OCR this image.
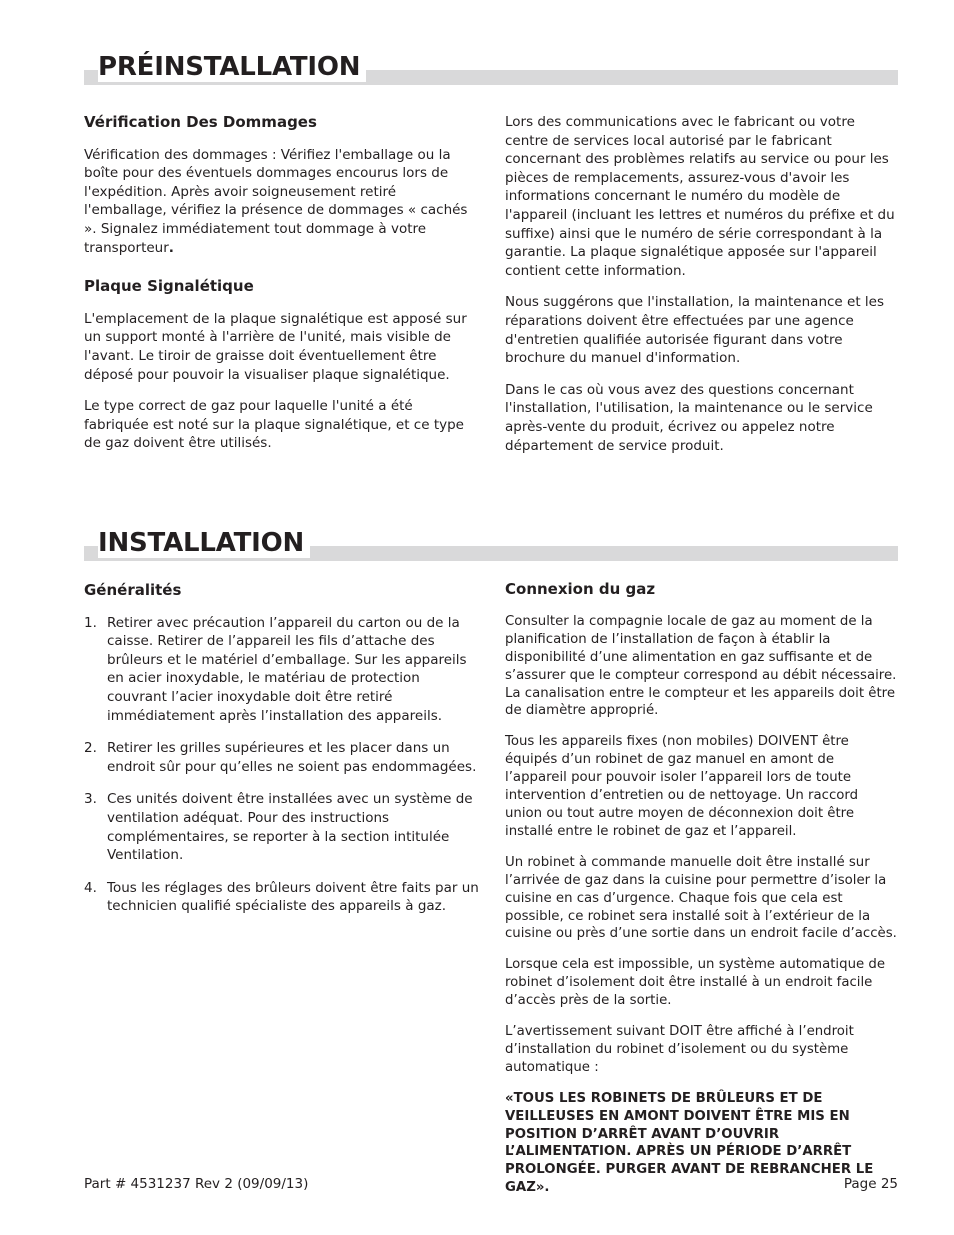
PRÉINSTALLATION
Vérification Des Dommages

Vérification des dommages : Vérifiez l'emballage ou la boîte pour des éventuels dommages encourus lors de l'expédition. Après avoir soigneusement retiré l'emballage, vérifiez la présence de dommages « cachés ». Signalez immédiatement tout dommage à votre transporteur.

Plaque Signalétique

L'emplacement de la plaque signalétique est apposé sur un support monté à l'arrière de l'unité, mais visible de l'avant. Le tiroir de graisse doit éventuellement être déposé pour pouvoir la visualiser plaque signalétique.

Le type correct de gaz pour laquelle l'unité a été fabriquée est noté sur la plaque signalétique, et ce type de gaz doivent être utilisés.

Lors des communications avec le fabricant ou votre centre de services local autorisé par le fabricant concernant des problèmes relatifs au service ou pour les pièces de remplacements, assurez-vous d'avoir les informations concernant le numéro du modèle de l'appareil (incluant les lettres et numéros du préfixe et du suffixe) ainsi que le numéro de série correspondant à la garantie. La plaque signalétique apposée sur l'appareil contient cette information.

Nous suggérons que l'installation, la maintenance et les réparations doivent être effectuées par une agence d'entretien qualifiée autorisée figurant dans votre brochure du manuel d'information.

Dans le cas où vous avez des questions concernant l'installation, l'utilisation, la maintenance ou le service après-vente du produit, écrivez ou appelez notre département de service produit.

INSTALLATION
Généralités
1. Retirer avec précaution l’appareil du carton ou de la caisse. Retirer de l’appareil les fils d’attache des brûleurs et le matériel d’emballage. Sur les appareils en acier inoxydable, le matériau de protection couvrant l’acier inoxydable doit être retiré immédiatement après l’installation des appareils.
2. Retirer les grilles supérieures et les placer dans un endroit sûr pour qu’elles ne soient pas endommagées.
3. Ces unités doivent être installées avec un système de ventilation adéquat. Pour des instructions complémentaires, se reporter à la section intitulée Ventilation.
4. Tous les réglages des brûleurs doivent être faits par un technicien qualifié spécialiste des appareils à gaz.
Connexion du gaz

Consulter la compagnie locale de gaz au moment de la planification de l’installation de façon à établir la disponibilité d’une alimentation en gaz suffisante et de s’assurer que le compteur correspond au débit nécessaire. La canalisation entre le compteur et les appareils doit être de diamètre approprié.

Tous les appareils fixes (non mobiles) DOIVENT être équipés d’un robinet de gaz manuel en amont de l’appareil pour pouvoir isoler l’appareil lors de toute intervention d’entretien ou de nettoyage. Un raccord union ou tout autre moyen de déconnexion doit être installé entre le robinet de gaz et l’appareil.

Un robinet à commande manuelle doit être installé sur l’arrivée de gaz dans la cuisine pour permettre d’isoler la cuisine en cas d’urgence. Chaque fois que cela est possible, ce robinet sera installé soit à l’extérieur de la cuisine ou près d’une sortie dans un endroit facile d’accès.

Lorsque cela est impossible, un système automatique de robinet d’isolement doit être installé à un endroit facile d’accès près de la sortie.

L’avertissement suivant DOIT être affiché à l’endroit d’installation du robinet d’isolement ou du système automatique :

«TOUS LES ROBINETS DE BRÛLEURS ET DE VEILLEUSES EN AMONT DOIVENT ÊTRE MIS EN POSITION D’ARRÊT AVANT D’OUVRIR L’ALIMENTATION. APRÈS UN PÉRIODE D’ARRÊT PROLONGÉE. PURGER AVANT DE REBRANCHER LE GAZ».

Part # 4531237 Rev 2 (09/09/13)	Page 25
